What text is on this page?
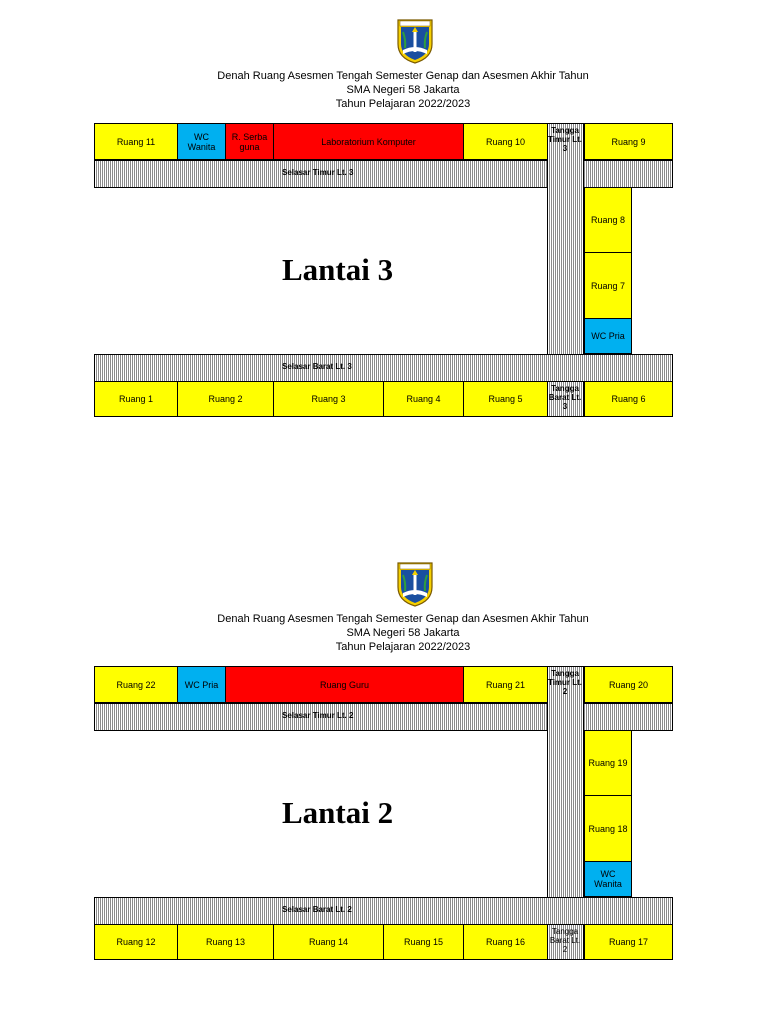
Denah Ruang Asesmen Tengah Semester Genap dan Asesmen Akhir Tahun
SMA Negeri 58 Jakarta
Tahun Pelajaran 2022/2023
Ruang 11	WC Wanita
R. Serba guna	Laboratorium Komputer	Ruang 10	Ruang 9
Selasar Timur Lt. 3
Selasar Barat Lt. 3
Tangga Timur Lt. 3
Tangga Barat Lt. 3
Ruang 8
Ruang 7
WC Pria
Lantai 3
Ruang 1	Ruang 2	Ruang 3	Ruang 4	Ruang 5	Ruang 6
Denah Ruang Asesmen Tengah Semester Genap dan Asesmen Akhir Tahun
SMA Negeri 58 Jakarta
Tahun Pelajaran 2022/2023
Ruang 22	WC Pria	Ruang Guru	Ruang 21	Ruang 20
Selasar Timur Lt. 2
Selasar Barat Lt. 2
Tangga Timur Lt. 2
Tangga Barat Lt. 2
Ruang 19
Ruang 18
WC Wanita
Lantai 2
Ruang 12	Ruang 13	Ruang 14	Ruang 15	Ruang 16	Ruang 17
